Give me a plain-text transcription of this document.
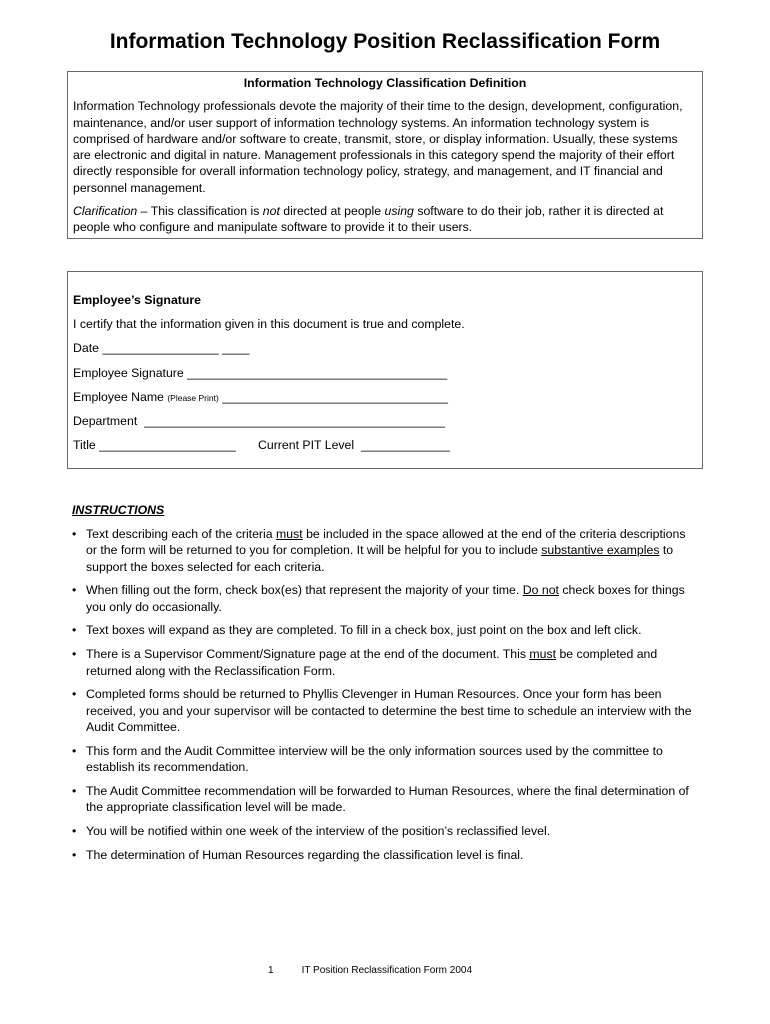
Information Technology Position Reclassification Form
Information Technology Classification Definition

Information Technology professionals devote the majority of their time to the design, development, configuration, maintenance, and/or user support of information technology systems. An information technology system is comprised of hardware and/or software to create, transmit, store, or display information. Usually, these systems are electronic and digital in nature. Management professionals in this category spend the majority of their effort directly responsible for overall information technology policy, strategy, and management, and IT financial and personnel management.

Clarification – This classification is not directed at people using software to do their job, rather it is directed at people who configure and manipulate software to provide it to their users.

Employee’s Signature
I certify that the information given in this document is true and complete.
Date _________________ ____
Employee Signature ______________________________________
Employee Name (Please Print) _________________________________
Department  ____________________________________________
Title ____________________ Current PIT Level  _____________
INSTRUCTIONS
• Text describing each of the criteria must be included in the space allowed at the end of the criteria descriptions or the form will be returned to you for completion. It will be helpful for you to include substantive examples to support the boxes selected for each criteria.
• When filling out the form, check box(es) that represent the majority of your time. Do not check boxes for things you only do occasionally.
• Text boxes will expand as they are completed. To fill in a check box, just point on the box and left click.
• There is a Supervisor Comment/Signature page at the end of the document. This must be completed and returned along with the Reclassification Form.
• Completed forms should be returned to Phyllis Clevenger in Human Resources. Once your form has been received, you and your supervisor will be contacted to determine the best time to schedule an interview with the Audit Committee.
• This form and the Audit Committee interview will be the only information sources used by the committee to establish its recommendation.
• The Audit Committee recommendation will be forwarded to Human Resources, where the final determination of the appropriate classification level will be made.
• You will be notified within one week of the interview of the position’s reclassified level.
• The determination of Human Resources regarding the classification level is final.
1	IT Position Reclassification Form 2004
